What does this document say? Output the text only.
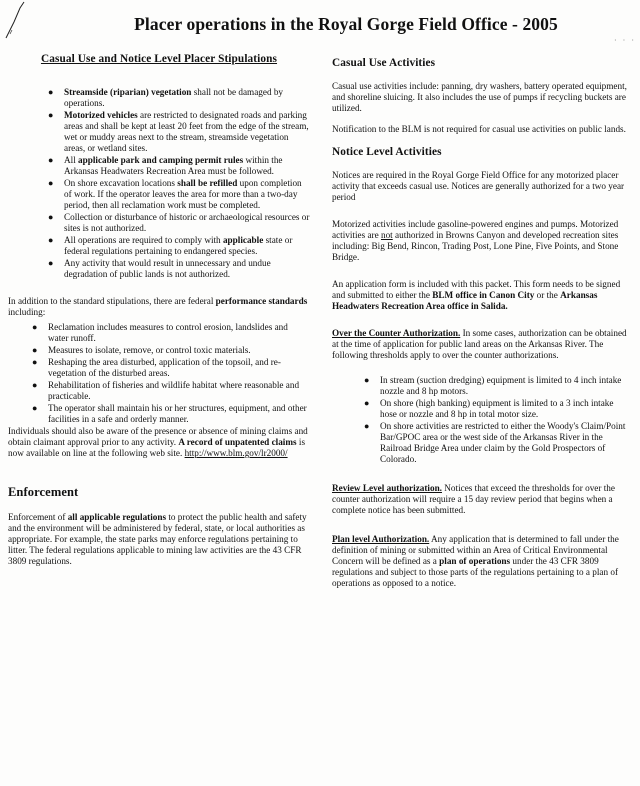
· · ·
Placer operations in the Royal Gorge Field Office - 2005
Casual Use and Notice Level Placer Stipulations
● Streamside (riparian) vegetation shall not be damaged by operations.
● Motorized vehicles are restricted to designated roads and parking areas and shall be kept at least 20 feet from the edge of the stream, wet or muddy areas next to the stream, streamside vegetation areas, or wetland sites.
● All applicable park and camping permit rules within the Arkansas Headwaters Recreation Area must be followed.
● On shore excavation locations shall be refilled upon completion of work. If the operator leaves the area for more than a two-day period, then all reclamation work must be completed.
● Collection or disturbance of historic or archaeological resources or sites is not authorized.
● All operations are required to comply with applicable state or federal regulations pertaining to endangered species.
● Any activity that would result in unnecessary and undue degradation of public lands is not authorized.

In addition to the standard stipulations, there are federal performance standards including:

● Reclamation includes measures to control erosion, landslides and water runoff.
● Measures to isolate, remove, or control toxic materials.
● Reshaping the area disturbed, application of the topsoil, and re-vegetation of the disturbed areas.
● Rehabilitation of fisheries and wildlife habitat where reasonable and practicable.
● The operator shall maintain his or her structures, equipment, and other facilities in a safe and orderly manner.

Individuals should also be aware of the presence or absence of mining claims and obtain claimant approval prior to any activity. A record of unpatented claims is now available on line at the following web site. http://www.blm.gov/lr2000/

Enforcement

Enforcement of all applicable regulations to protect the public health and safety and the environment will be administered by federal, state, or local authorities as appropriate. For example, the state parks may enforce regulations pertaining to litter. The federal regulations applicable to mining law activities are the 43 CFR 3809 regulations.

Casual Use Activities

Casual use activities include: panning, dry washers, battery operated equipment, and shoreline sluicing. It also includes the use of pumps if recycling buckets are utilized.

Notification to the BLM is not required for casual use activities on public lands.

Notice Level Activities

Notices are required in the Royal Gorge Field Office for any motorized placer activity that exceeds casual use. Notices are generally authorized for a two year period

Motorized activities include gasoline-powered engines and pumps. Motorized activities are not authorized in Browns Canyon and developed recreation sites including: Big Bend, Rincon, Trading Post, Lone Pine, Five Points, and Stone Bridge.

An application form is included with this packet. This form needs to be signed and submitted to either the BLM office in Canon City or the Arkansas Headwaters Recreation Area office in Salida.

Over the Counter Authorization. In some cases, authorization can be obtained at the time of application for public land areas on the Arkansas River. The following thresholds apply to over the counter authorizations.

● In stream (suction dredging) equipment is limited to 4 inch intake nozzle and 8 hp motors.
● On shore (high banking) equipment is limited to a 3 inch intake hose or nozzle and 8 hp in total motor size.
● On shore activities are restricted to either the Woody's Claim/Point Bar/GPOC area or the west side of the Arkansas River in the Railroad Bridge Area under claim by the Gold Prospectors of Colorado.

Review Level authorization. Notices that exceed the thresholds for over the counter authorization will require a 15 day review period that begins when a complete notice has been submitted.

Plan level Authorization. Any application that is determined to fall under the definition of mining or submitted within an Area of Critical Environmental Concern will be defined as a plan of operations under the 43 CFR 3809 regulations and subject to those parts of the regulations pertaining to a plan of operations as opposed to a notice.
